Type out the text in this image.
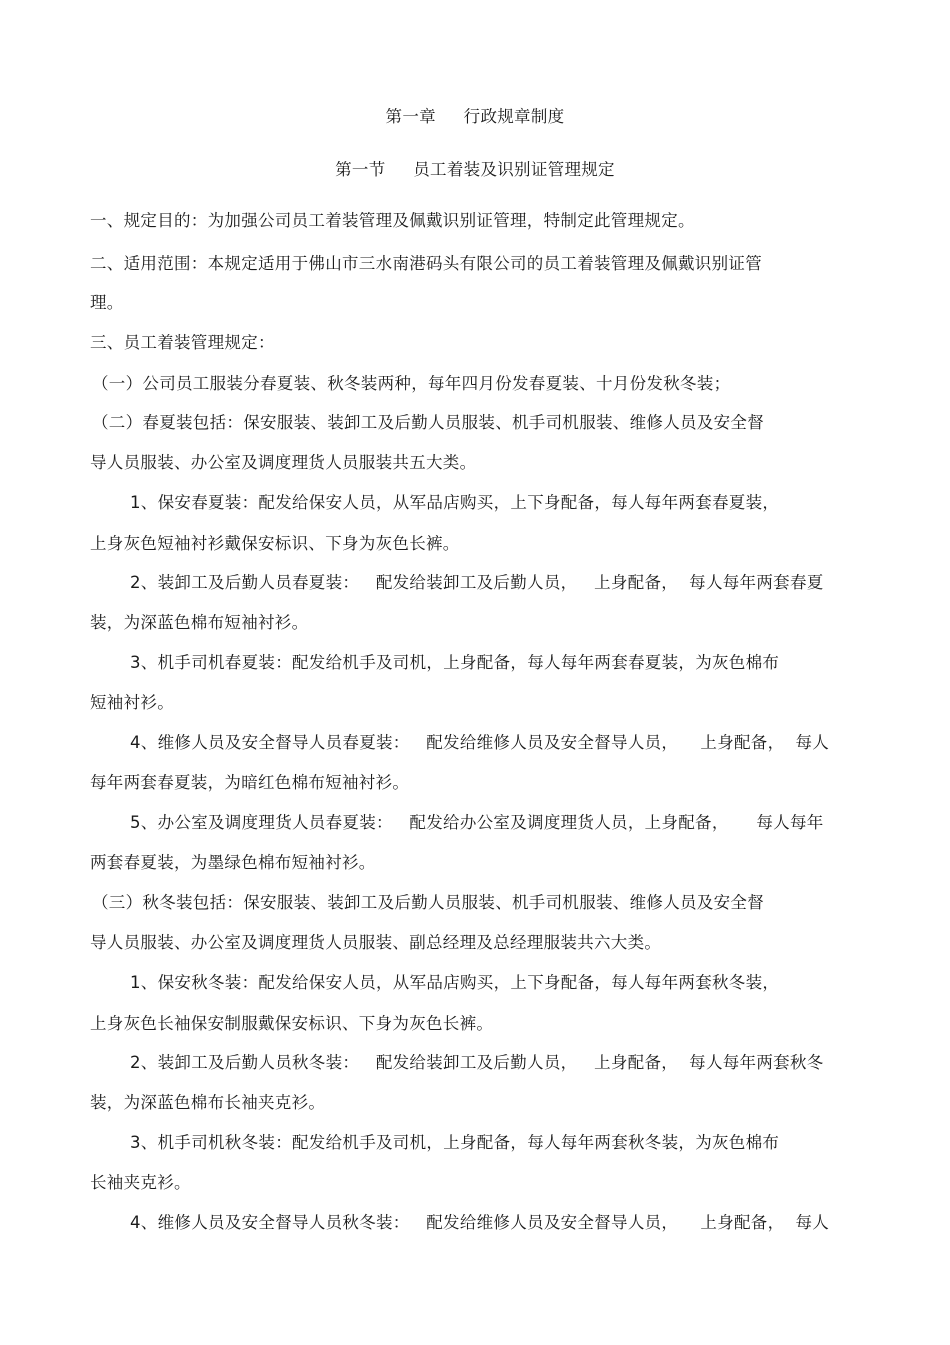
第一章     行政规章制度
第一节     员工着装及识别证管理规定
一、规定目的：为加强公司员工着装管理及佩戴识别证管理，特制定此管理规定。
二、适用范围：本规定适用于佛山市三水南港码头有限公司的员工着装管理及佩戴识别证管
理。
三、员工着装管理规定：
（一）公司员工服装分春夏装、秋冬装两种，每年四月份发春夏装、十月份发秋冬装；
（二）春夏装包括：保安服装、装卸工及后勤人员服装、机手司机服装、维修人员及安全督
导人员服装、办公室及调度理货人员服装共五大类。
1、保安春夏装：配发给保安人员，从军品店购买，上下身配备，每人每年两套春夏装，
上身灰色短袖衬衫戴保安标识、下身为灰色长裤。
2、装卸工及后勤人员春夏装：   配发给装卸工及后勤人员，   上身配备，  每人每年两套春夏
装，为深蓝色棉布短袖衬衫。
3、机手司机春夏装：配发给机手及司机，上身配备，每人每年两套春夏装，为灰色棉布
短袖衬衫。
4、维修人员及安全督导人员春夏装：   配发给维修人员及安全督导人员，    上身配备，  每人
每年两套春夏装，为暗红色棉布短袖衬衫。
5、办公室及调度理货人员春夏装：   配发给办公室及调度理货人员，上身配备，     每人每年
两套春夏装，为墨绿色棉布短袖衬衫。
（三）秋冬装包括：保安服装、装卸工及后勤人员服装、机手司机服装、维修人员及安全督
导人员服装、办公室及调度理货人员服装、副总经理及总经理服装共六大类。
1、保安秋冬装：配发给保安人员，从军品店购买，上下身配备，每人每年两套秋冬装，
上身灰色长袖保安制服戴保安标识、下身为灰色长裤。
2、装卸工及后勤人员秋冬装：   配发给装卸工及后勤人员，   上身配备，  每人每年两套秋冬
装，为深蓝色棉布长袖夹克衫。
3、机手司机秋冬装：配发给机手及司机，上身配备，每人每年两套秋冬装，为灰色棉布
长袖夹克衫。
4、维修人员及安全督导人员秋冬装：   配发给维修人员及安全督导人员，    上身配备，  每人
